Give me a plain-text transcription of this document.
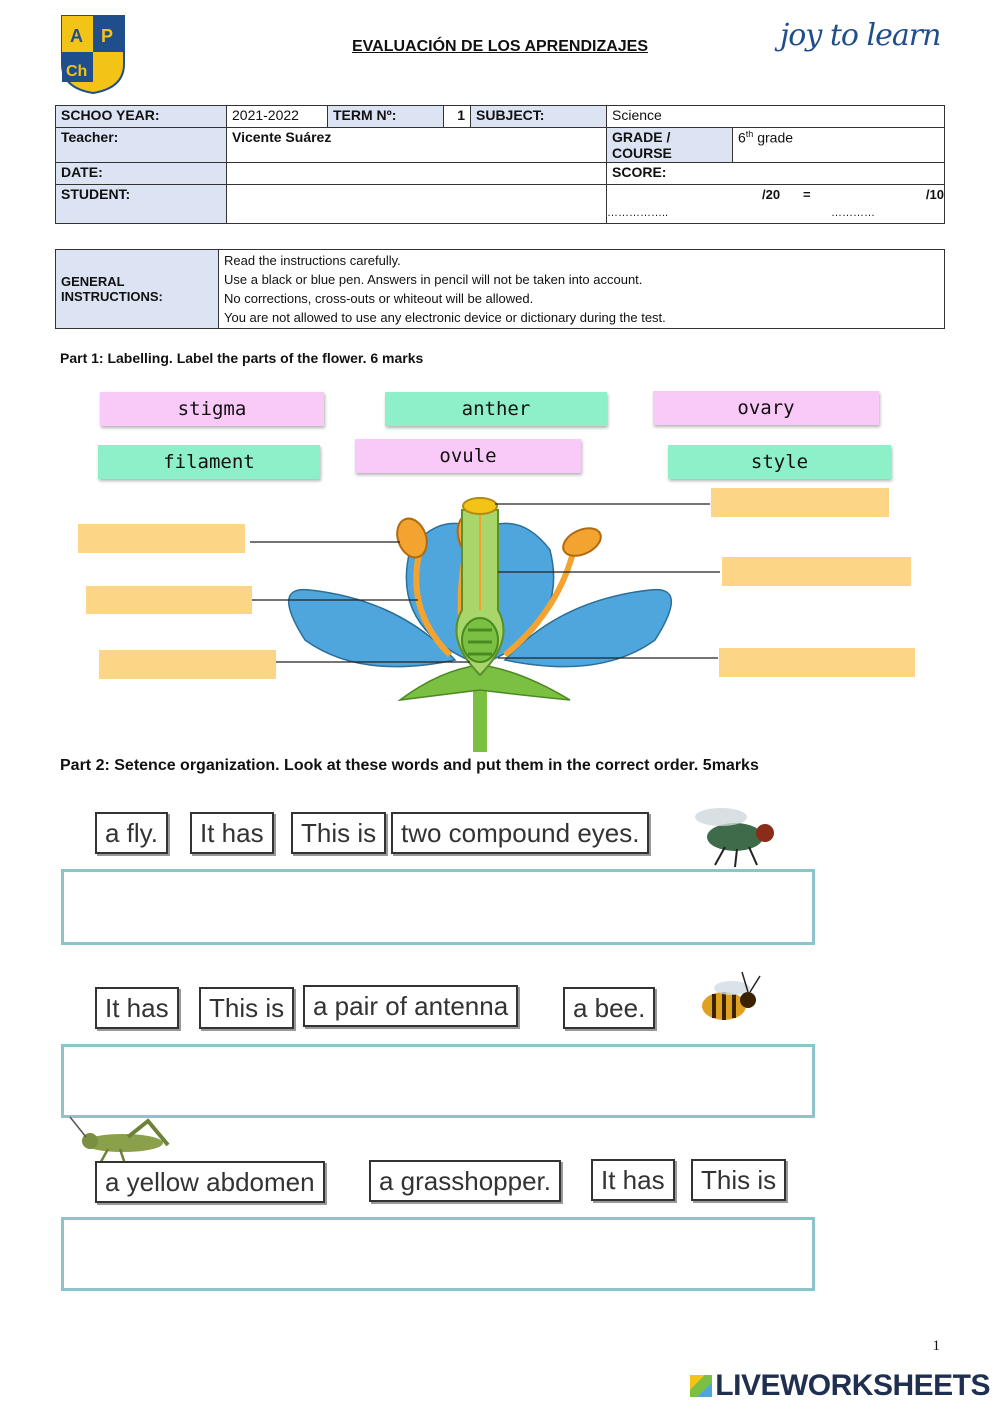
A P
Ch
EVALUACIÓN DE LOS APRENDIZAJES	joy to learn
SCHOO YEAR:	2021-2022	TERM Nº:	1	SUBJECT:	Science	
Teacher:	Vicente Suárez				GRADE / COURSE	6th grade
DATE:					SCORE:	
STUDENT:					/20 = /10
…………….. …………	
GENERAL
INSTRUCTIONS:

Read the instructions carefully.
Use a black or blue pen. Answers in pencil will not be taken into account.
No corrections, cross-outs or whiteout will be allowed.
You are not allowed to use any electronic device or dictionary during the test.
Part 1: Labelling. Label the parts of the flower. 6 marks
stigma	anther	ovary
filament	ovule	style
Part 2: Setence organization. Look at these words and put them in the correct order. 5marks
a fly.	It has	This is two compound eyes.
It has	This is	a pair of antenna	a bee.
a yellow abdomen	a grasshopper.	It has	This is
1
LIVEWORKSHEETS
